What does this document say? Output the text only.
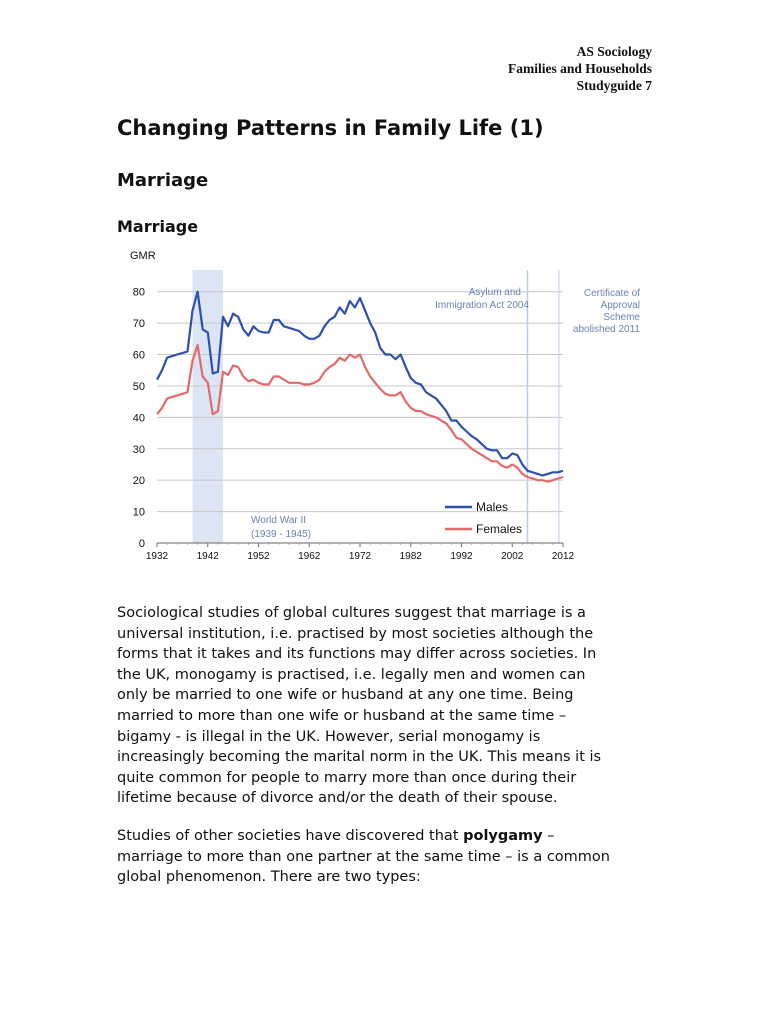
AS Sociology
Families and Households
Studyguide 7
Changing Patterns in Family Life (1)
Marriage
Marriage
World War II
(1939 - 1945)
Asylum and
Immigration Act 2004
Certificate of
Approval
Scheme
abolished 2011
0
10
20
30
40
50
60
70
80
GMR
1932	1942	1952	1962	1972	1982	1992	2002	2012
Males
Females
Sociological studies of global cultures suggest that marriage is a
universal institution, i.e. practised by most societies although the
forms that it takes and its functions may differ across societies. In
the UK, monogamy is practised, i.e. legally men and women can
only be married to one wife or husband at any one time. Being
married to more than one wife or husband at the same time –
bigamy - is illegal in the UK. However, serial monogamy is
increasingly becoming the marital norm in the UK. This means it is
quite common for people to marry more than once during their
lifetime because of divorce and/or the death of their spouse.
Studies of other societies have discovered that polygamy –
marriage to more than one partner at the same time – is a common
global phenomenon. There are two types:
